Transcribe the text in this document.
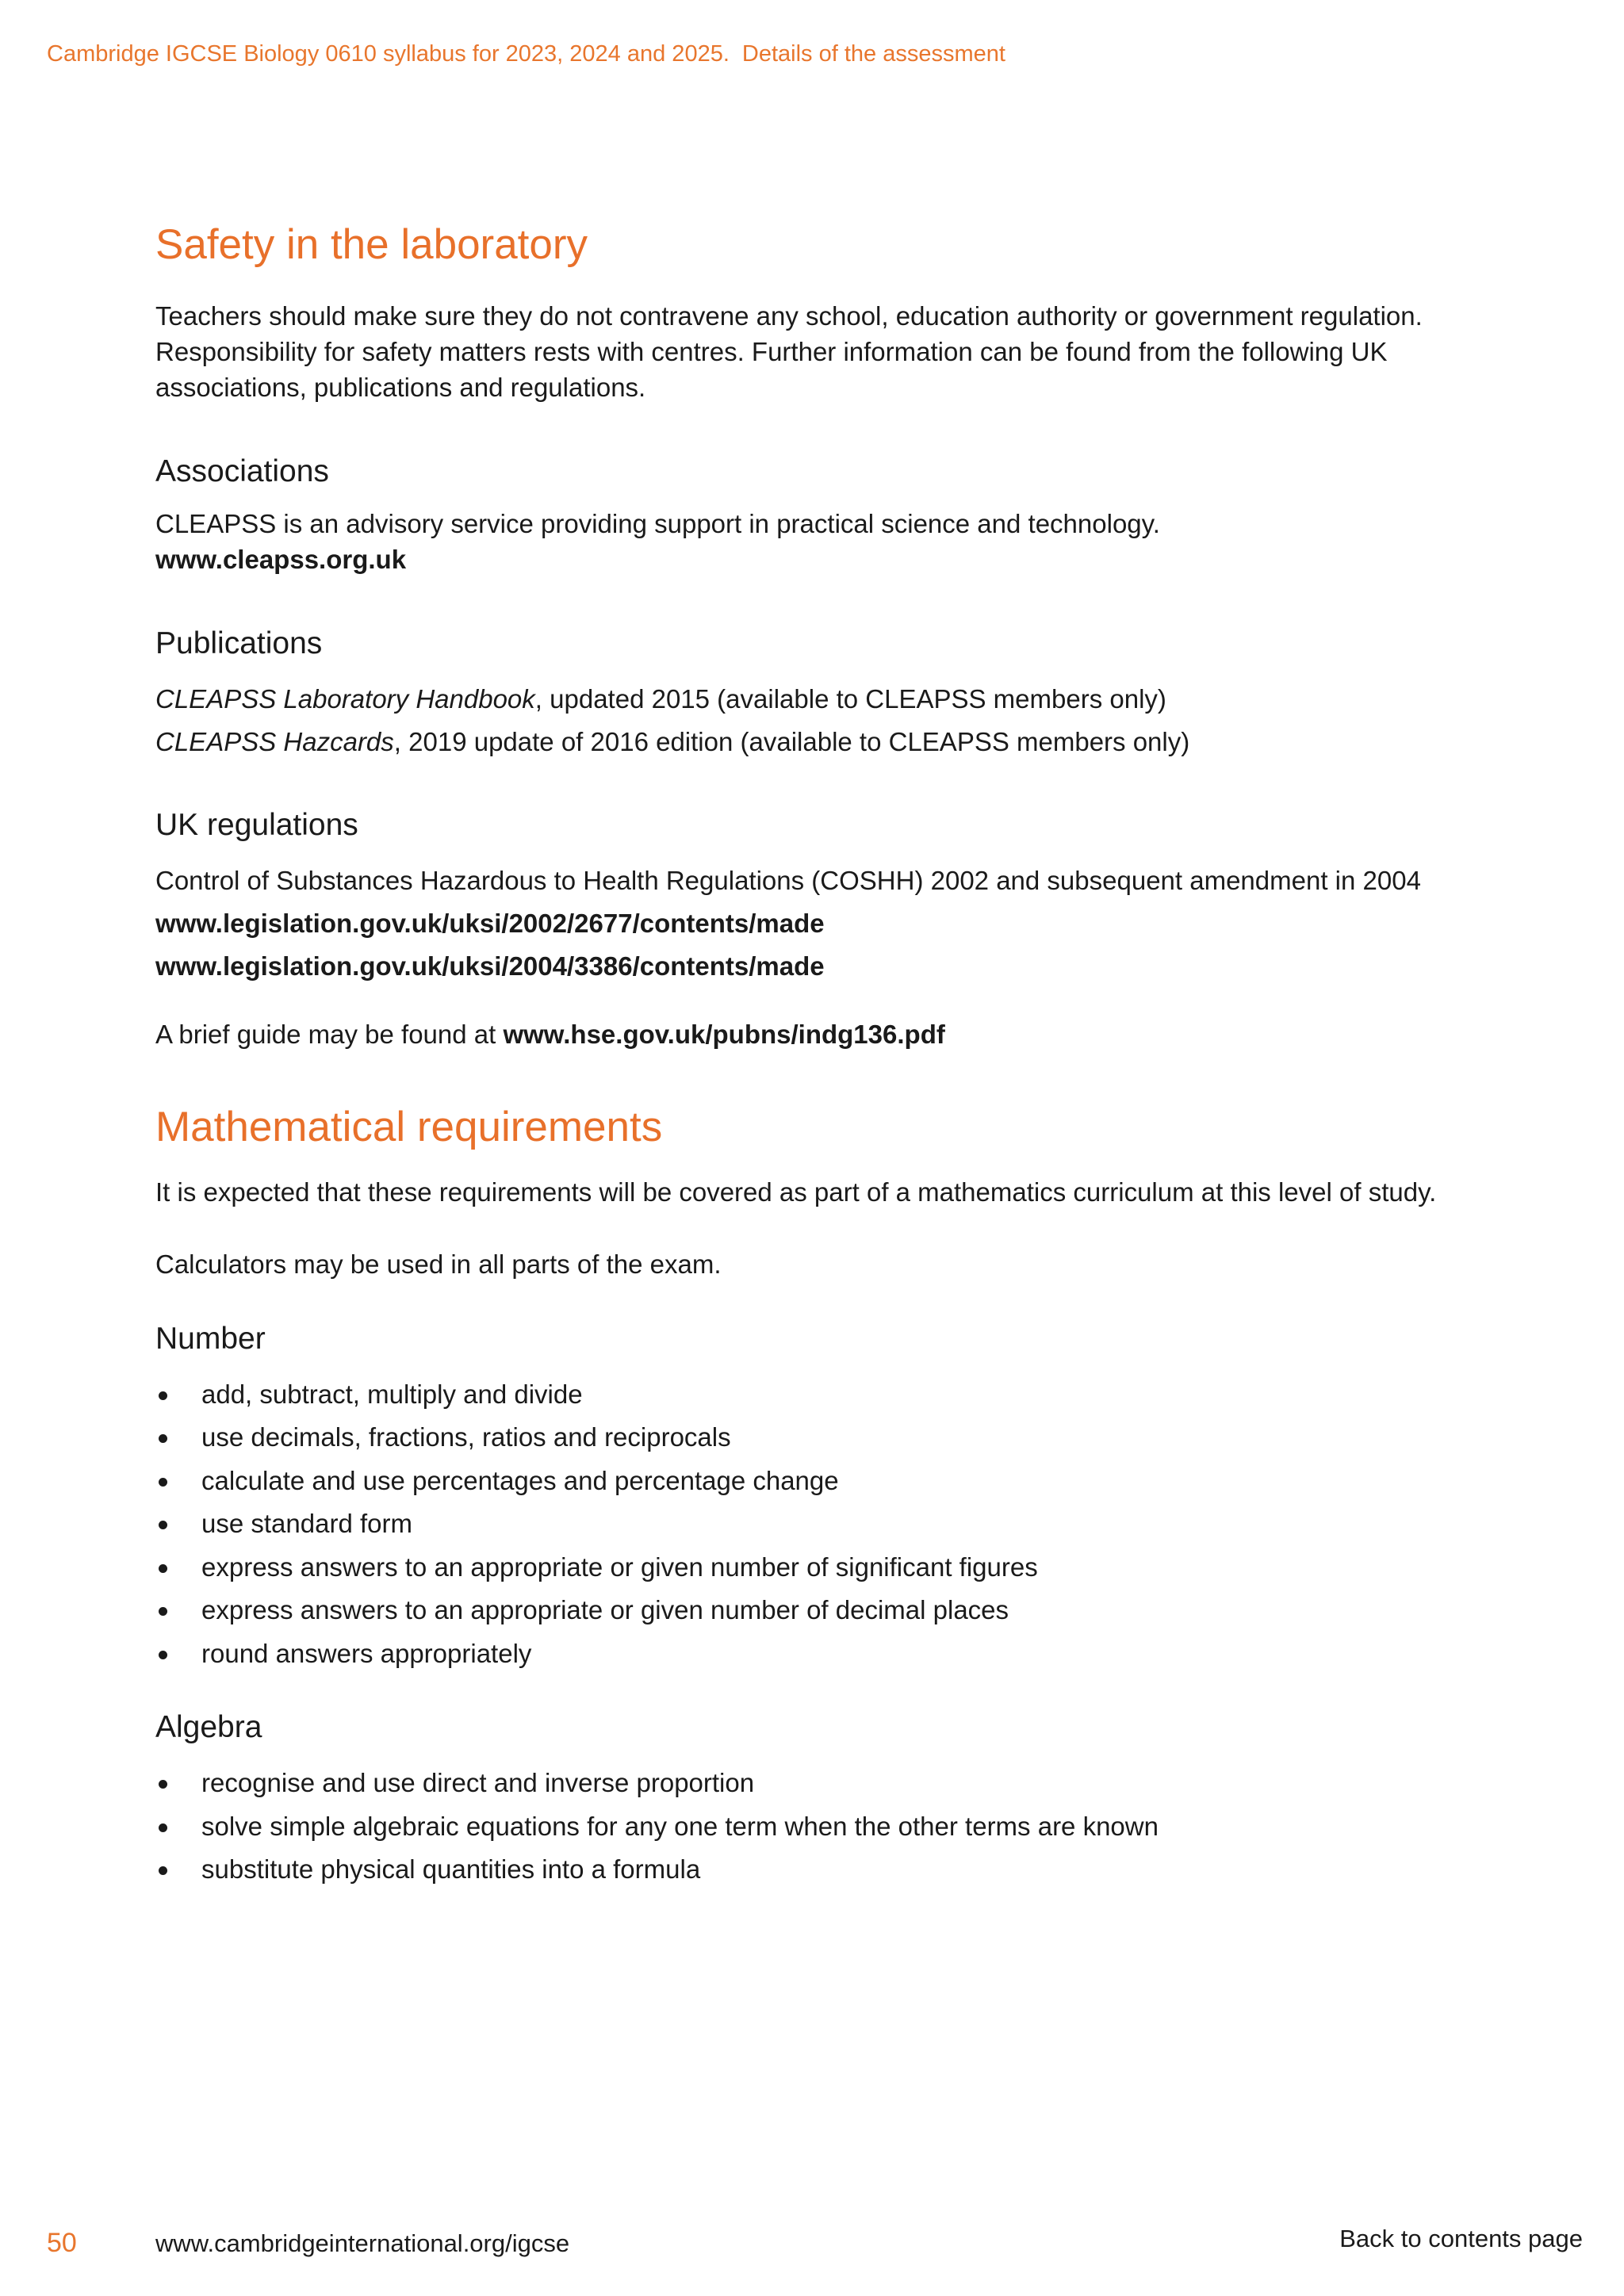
Cambridge IGCSE Biology 0610 syllabus for 2023, 2024 and 2025. Details of the assessment
Safety in the laboratory

Teachers should make sure they do not contravene any school, education authority or government regulation. Responsibility for safety matters rests with centres. Further information can be found from the following UK associations, publications and regulations.

Associations

CLEAPSS is an advisory service providing support in practical science and technology.

www.cleapss.org.uk

Publications
CLEAPSS Laboratory Handbook, updated 2015 (available to CLEAPSS members only)
CLEAPSS Hazcards, 2019 update of 2016 edition (available to CLEAPSS members only)
UK regulations
Control of Substances Hazardous to Health Regulations (COSHH) 2002 and subsequent amendment in 2004
www.legislation.gov.uk/uksi/2002/2677/contents/made
www.legislation.gov.uk/uksi/2004/3386/contents/made

A brief guide may be found at www.hse.gov.uk/pubns/indg136.pdf

Mathematical requirements

It is expected that these requirements will be covered as part of a mathematics curriculum at this level of study.

Calculators may be used in all parts of the exam.

Number
add, subtract, multiply and divide
use decimals, fractions, ratios and reciprocals
calculate and use percentages and percentage change
use standard form
express answers to an appropriate or given number of significant figures
express answers to an appropriate or given number of decimal places
round answers appropriately
Algebra
recognise and use direct and inverse proportion
solve simple algebraic equations for any one term when the other terms are known
substitute physical quantities into a formula
50	www.cambridgeinternational.org/igcse	Back to contents page
